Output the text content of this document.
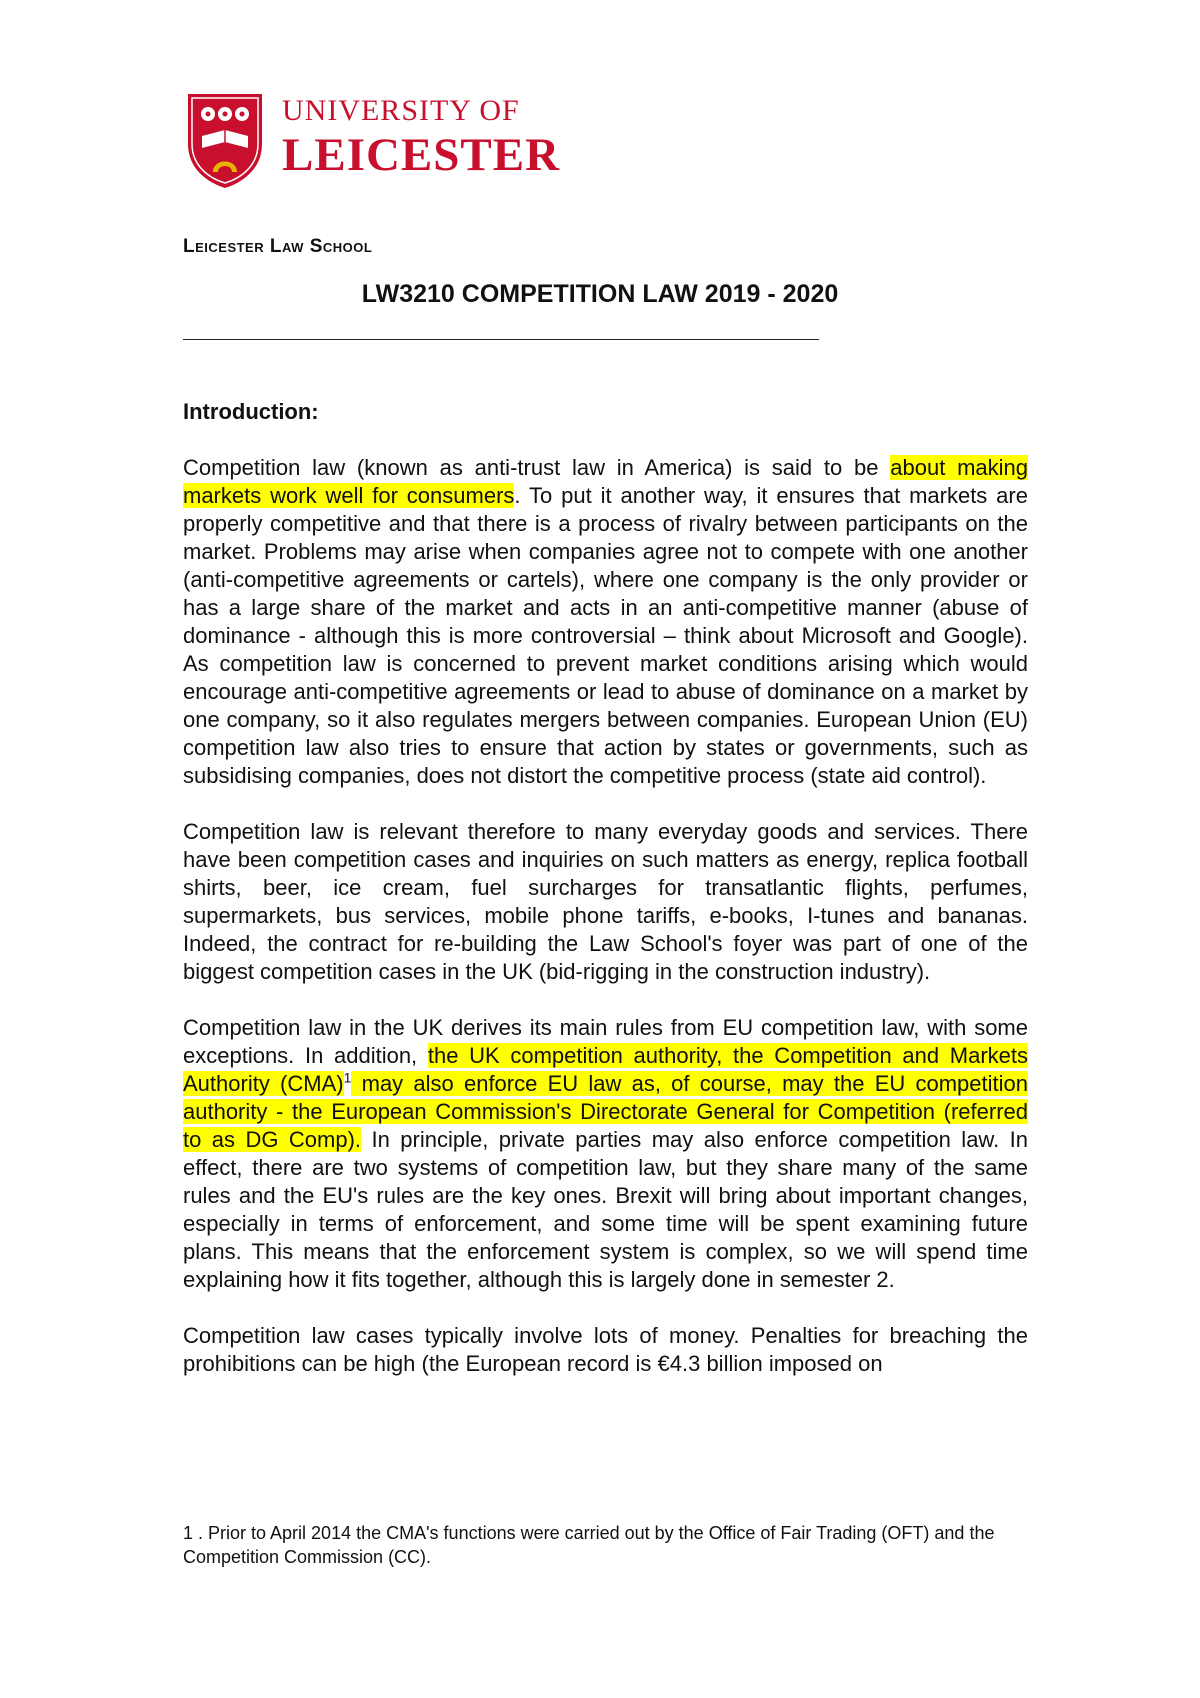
UNIVERSITY OF
LEICESTER
Leicester Law School
LW3210 COMPETITION LAW 2019 - 2020

Introduction:

Competition law (known as anti-trust law in America) is said to be about making markets work well for consumers. To put it another way, it ensures that markets are properly competitive and that there is a process of rivalry between participants on the market. Problems may arise when companies agree not to compete with one another (anti-competitive agreements or cartels), where one company is the only provider or has a large share of the market and acts in an anti-competitive manner (abuse of dominance - although this is more controversial – think about Microsoft and Google). As competition law is concerned to prevent market conditions arising which would encourage anti-competitive agreements or lead to abuse of dominance on a market by one company, so it also regulates mergers between companies. European Union (EU) competition law also tries to ensure that action by states or governments, such as subsidising companies, does not distort the competitive process (state aid control).

Competition law is relevant therefore to many everyday goods and services. There have been competition cases and inquiries on such matters as energy, replica football shirts, beer, ice cream, fuel surcharges for transatlantic flights, perfumes, supermarkets, bus services, mobile phone tariffs, e-books, I-tunes and bananas. Indeed, the contract for re-building the Law School's foyer was part of one of the biggest competition cases in the UK (bid-rigging in the construction industry).

Competition law in the UK derives its main rules from EU competition law, with some exceptions. In addition, the UK competition authority, the Competition and Markets Authority (CMA)$^1$ may also enforce EU law as, of course, may the EU competition authority - the European Commission's Directorate General for Competition (referred to as DG Comp). In principle, private parties may also enforce competition law. In effect, there are two systems of competition law, but they share many of the same rules and the EU's rules are the key ones. Brexit will bring about important changes, especially in terms of enforcement, and some time will be spent examining future plans. This means that the enforcement system is complex, so we will spend time explaining how it fits together, although this is largely done in semester 2.

Competition law cases typically involve lots of money. Penalties for breaching the prohibitions can be high (the European record is €4.3 billion imposed on

1 . Prior to April 2014 the CMA's functions were carried out by the Office of Fair Trading (OFT) and the Competition Commission (CC).
